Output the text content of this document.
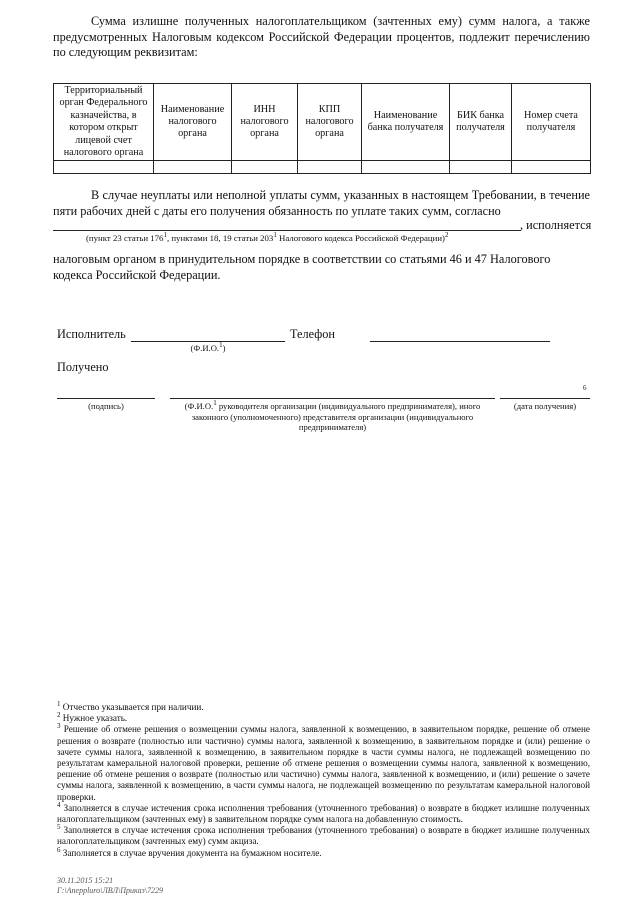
Сумма излишне полученных налогоплательщиком (зачтенных ему) сумм налога, а также предусмотренных Налоговым кодексом Российской Федерации процентов, подлежит перечислению по следующим реквизитам:
Территориальный орган Федерального казначейства, в котором открыт лицевой счет налогового органа	Наименование налогового органа	ИНН налогового органа	КПП налогового органа	Наименование банка получателя	БИК банка получателя	Номер счета получателя

В случае неуплаты или неполной уплаты сумм, указанных в настоящем Требовании, в течение пяти рабочих дней с даты его получения обязанность по уплате таких сумм, согласно
, исполняется
(пункт 23 статьи $176^1$, пунктами 18, 19 статьи $203^1$ Налогового кодекса Российской Федерации)$^2$
налоговым органом в принудительном порядке в соответствии со статьями 46 и 47 Налогового кодекса Российской Федерации.
Исполнитель
(Ф.И.О.$^1$)
Телефон
Получено
6
(подпись)	(Ф.И.О.$^1$ руководителя организации (индивидуального предпринимателя), иного законного (уполномоченного) представителя организации (индивидуального предпринимателя)
(дата получения)

$^1$ Отчество указывается при наличии.

$^2$ Нужное указать.

$^3$ Решение об отмене решения о возмещении суммы налога, заявленной к возмещению, в заявительном порядке, решение об отмене решения о возврате (полностью или частично) суммы налога, заявленной к возмещению, в заявительном порядке и (или) решение о зачете суммы налога, заявленной к возмещению, в заявительном порядке в части суммы налога, не подлежащей возмещению по результатам камеральной налоговой проверки, решение об отмене решения о возмещении суммы налога, заявленной к возмещению, решение об отмене решения о возврате (полностью или частично) суммы налога, заявленной к возмещению, и (или) решение о зачете суммы налога, заявленной к возмещению, в части суммы налога, не подлежащей возмещению по результатам камеральной налоговой проверки.

$^4$ Заполняется в случае истечения срока исполнения требования (уточненного требования) о возврате в бюджет излишне полученных налогоплательщиком (зачтенных ему) в заявительном порядке сумм налога на добавленную стоимость.

$^5$ Заполняется в случае истечения срока исполнения требования (уточненного требования) о возврате в бюджет излишне полученных налогоплательщиком (зачтенных ему) сумм акциза.

$^6$ Заполняется в случае вручения документа на бумажном носителе.

30.11.2015 15:21
Г:\Aneppluro\ЛВЛ\Приказ\7229
